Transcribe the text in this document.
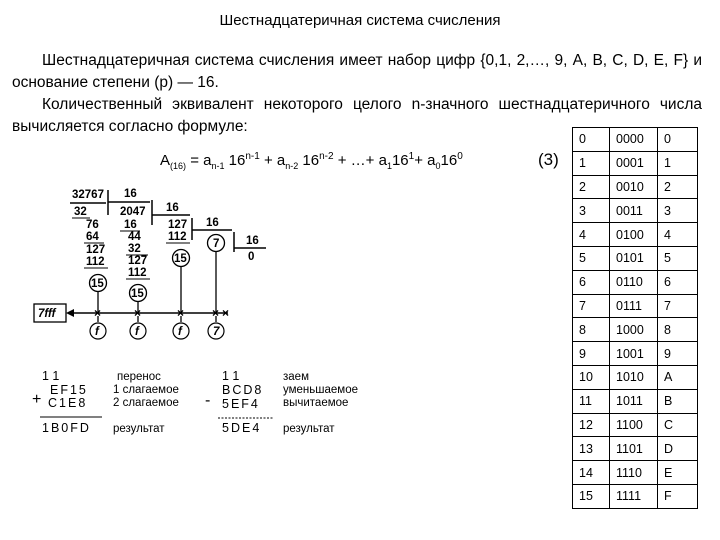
Шестнадцатеричная система счисления

Шестнадцатеричная система счисления имеет набор цифр {0,1, 2,…, 9, A, B, C, D, E, F} и основание степени (р) — 16.

Количественный эквивалент некоторого целого n-значного шестнадцатеричного числа вычисляется согласно формуле:

$A_{(16)} = a_{n-1}$ $16^{n-1} + a_{n-2}$ $16^{n-2}$ + …+ $a_116^1+ a_016^0$	(3)
0	0000	0
1	0001	1
2	0010	2
3	0011	3
4	0100	4
5	0101	5
6	0110	6
7	0111	7
8	1000	8
9	1001	9
10	1010	A
11	1011	B
12	1100	C
13	1101	D
14	1110	E
15	1111	F
32767
32
76
64
127
112
15
16
2047
16
44
32
127
112
15
16
127
112
15
16
7 16
0
×
×	×	× ×
7fff
f	f	f	7
1 1
+
EF15
C1E8
1B0FD
перенос
1 слагаемое
2 слагаемое
результат
1 1
-
BCD8
5EF4
5DE4
заем
уменьшаемое
вычитаемое
результат
